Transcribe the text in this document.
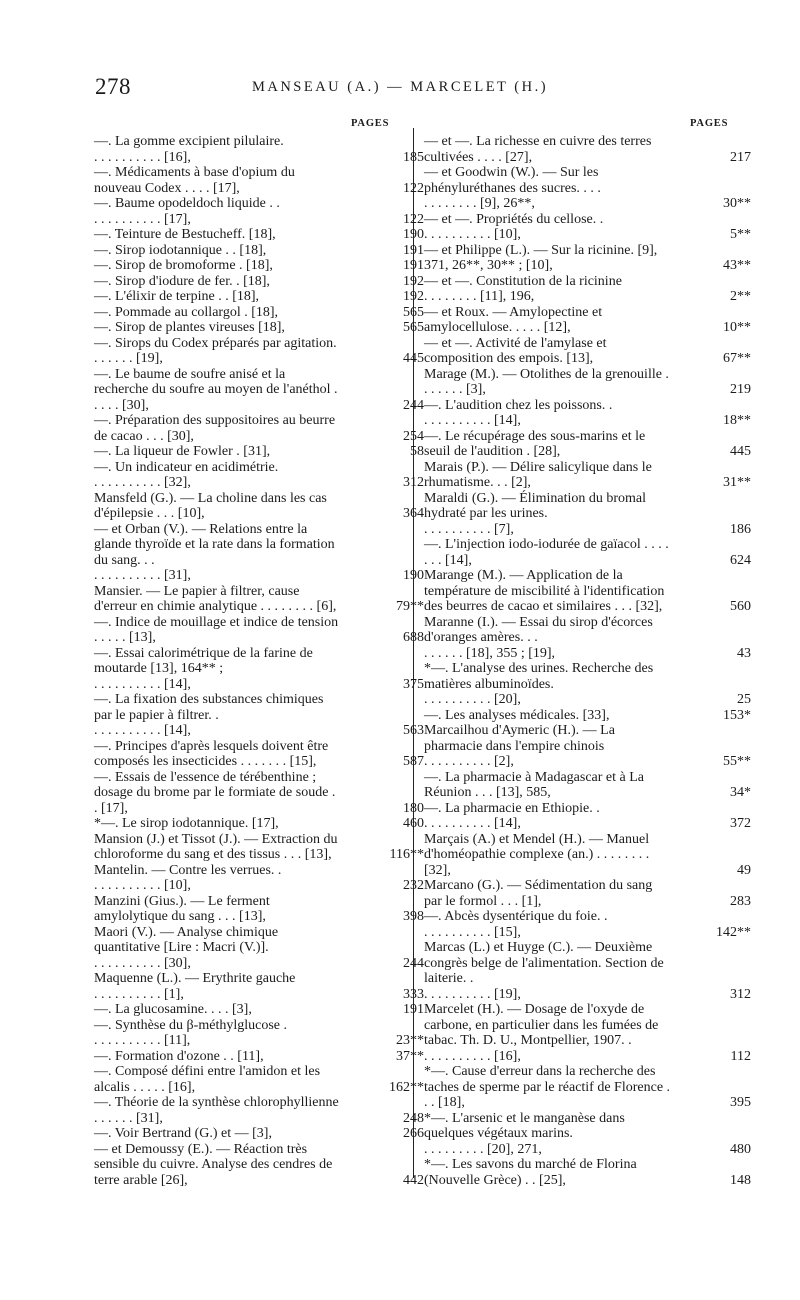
278	MANSEAU (A.) — MARCELET (H.)
PAGES	PAGES
—. La gomme excipient pilulaire.
. . . . . . . . . . [16],	185
—. Médicaments à base d'opium du nouveau Codex . . . . [17],	122
—. Baume opodeldoch liquide . .
. . . . . . . . . . [17],	122
—. Teinture de Bestucheff. [18],	190
—. Sirop iodotannique . . [18],	191
—. Sirop de bromoforme . [18],	191
—. Sirop d'iodure de fer. . [18],	192
—. L'élixir de terpine . . [18],	192
—. Pommade au collargol . [18],	565
—. Sirop de plantes vireuses [18],	565
—. Sirops du Codex préparés par agitation. . . . . . . [19],	445
—. Le baume de soufre anisé et la recherche du soufre au moyen de l'anéthol . . . . . [30],	244
—. Préparation des suppositoires au beurre de cacao . . . [30],	254
—. La liqueur de Fowler . [31],	58
—. Un indicateur en acidimétrie.
. . . . . . . . . . [32],	312
Mansfeld (G.). — La choline dans les cas d'épilepsie . . . [10],	364
— et Orban (V.). — Relations entre la glande thyroïde et la rate dans la formation du sang. . .
. . . . . . . . . . [31],	190
Mansier. — Le papier à filtrer, cause d'erreur en chimie analytique . . . . . . . . [6],	79**
—. Indice de mouillage et indice de tension . . . . . [13],	688
—. Essai calorimétrique de la farine de moutarde [13], 164** ;
. . . . . . . . . . [14],	375
—. La fixation des substances chimiques par le papier à filtrer. .
. . . . . . . . . . [14],	563
—. Principes d'après lesquels doivent être composés les insecticides . . . . . . . [15],	587
—. Essais de l'essence de térébenthine ; dosage du brome par le formiate de soude . . [17],	180
*—. Le sirop iodotannique. [17],	460
Mansion (J.) et Tissot (J.). — Extraction du chloroforme du sang et des tissus . . . [13],	116**
Mantelin. — Contre les verrues. .
. . . . . . . . . . [10],	232
Manzini (Gius.). — Le ferment amylolytique du sang . . . [13],	398
Maori (V.). — Analyse chimique quantitative [Lire : Macri (V.)].
. . . . . . . . . . [30],	244
Maquenne (L.). — Erythrite gauche
. . . . . . . . . . [1],	333
—. La glucosamine. . . . [3],	191
—. Synthèse du β-méthylglucose .
. . . . . . . . . . [11],	23**
—. Formation d'ozone . . [11],	37**
—. Composé défini entre l'amidon et les alcalis . . . . . [16],	162**
—. Théorie de la synthèse chlorophyllienne . . . . . . [31],	248
—. Voir Bertrand (G.) et — [3],	266
— et Demoussy (E.). — Réaction très sensible du cuivre. Analyse des cendres de terre arable [26],	442
— et —. La richesse en cuivre des terres cultivées . . . . [27],	217
— et Goodwin (W.). — Sur les phényluréthanes des sucres. . . .
. . . . . . . . [9], 26**,	30**
— et —. Propriétés du cellose. .
. . . . . . . . . . [10],	5**
— et Philippe (L.). — Sur la ricinine. [9], 371, 26**, 30** ; [10],	43**
— et —. Constitution de la ricinine
. . . . . . . . [11], 196,	2**
— et Roux. — Amylopectine et amylocellulose. . . . . [12],	10**
— et —. Activité de l'amylase et composition des empois. [13],	67**
Marage (M.). — Otolithes de la grenouille . . . . . . . [3],	219
—. L'audition chez les poissons. .
. . . . . . . . . . [14],	18**
—. Le récupérage des sous-marins et le seuil de l'audition . [28],	445
Marais (P.). — Délire salicylique dans le rhumatisme. . . [2],	31**
Maraldi (G.). — Élimination du bromal hydraté par les urines.
. . . . . . . . . . [7],	186
—. L'injection iodo-iodurée de gaïacol . . . . . . . [14],	624
Marange (M.). — Application de la température de miscibilité à l'identification des beurres de cacao et similaires . . . [32],	560
Maranne (I.). — Essai du sirop d'écorces d'oranges amères. . .
. . . . . . [18], 355 ; [19],	43
*—. L'analyse des urines. Recherche des matières albuminoïdes.
. . . . . . . . . . [20],	25
—. Les analyses médicales. [33],	153*
Marcailhou d'Aymeric (H.). — La pharmacie dans l'empire chinois
. . . . . . . . . . [2],	55**
—. La pharmacie à Madagascar et à La Réunion . . . [13], 585,	34*
—. La pharmacie en Ethiopie. .
. . . . . . . . . . [14],	372
Marçais (A.) et Mendel (H.). — Manuel d'homéopathie complexe (an.) . . . . . . . . [32],	49
Marcano (G.). — Sédimentation du sang par le formol . . . [1],	283
—. Abcès dysentérique du foie. .
. . . . . . . . . . [15],	142**
Marcas (L.) et Huyge (C.). — Deuxième congrès belge de l'alimentation. Section de laiterie. .
. . . . . . . . . . [19],	312
Marcelet (H.). — Dosage de l'oxyde de carbone, en particulier dans les fumées de tabac. Th. D. U., Montpellier, 1907. .
. . . . . . . . . . [16],	112
*—. Cause d'erreur dans la recherche des taches de sperme par le réactif de Florence . . . [18],	395
*—. L'arsenic et le manganèse dans quelques végétaux marins.
. . . . . . . . . [20], 271,	480
*—. Les savons du marché de Florina (Nouvelle Grèce) . . [25],	148
